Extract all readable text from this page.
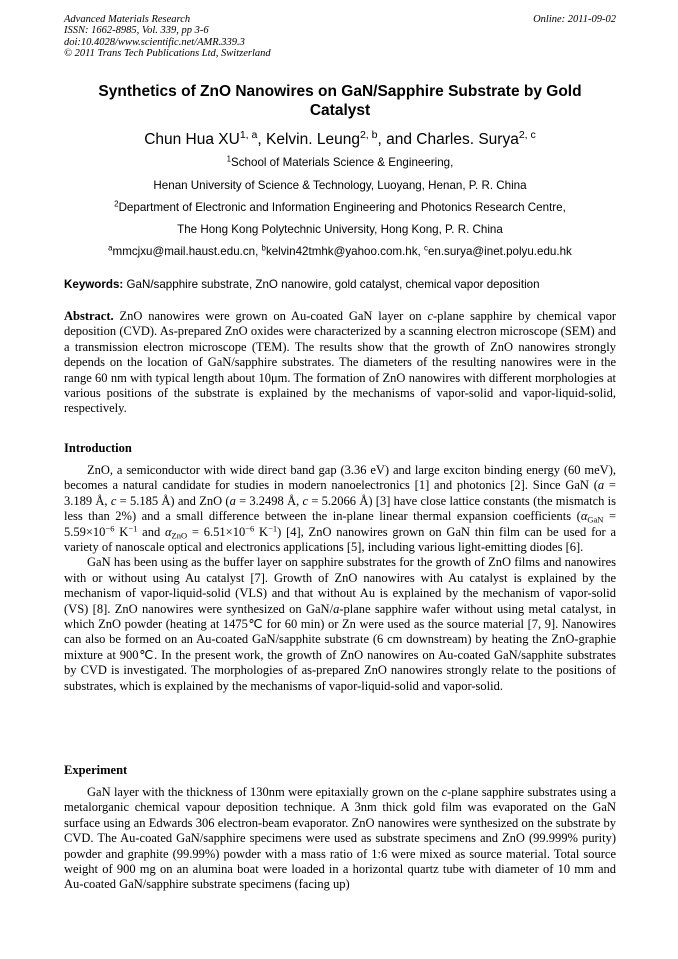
Advanced Materials Research
ISSN: 1662-8985, Vol. 339, pp 3-6
doi:10.4028/www.scientific.net/AMR.339.3
© 2011 Trans Tech Publications Ltd, Switzerland
Online: 2011-09-02
Synthetics of ZnO Nanowires on GaN/Sapphire Substrate by Gold
Catalyst
Chun Hua XU$^{1, a}$, Kelvin. Leung$^{2, b}$, and Charles. Surya$^{2, c}$
$^1$School of Materials Science & Engineering,
Henan University of Science & Technology, Luoyang, Henan, P. R. China
$^2$Department of Electronic and Information Engineering and Photonics Research Centre,
The Hong Kong Polytechnic University, Hong Kong, P. R. China
$^a$mmcjxu@mail.haust.edu.cn, $^b$kelvin42tmhk@yahoo.com.hk, $^c$en.surya@inet.polyu.edu.hk
Keywords: GaN/sapphire substrate, ZnO nanowire, gold catalyst, chemical vapor deposition

Abstract. ZnO nanowires were grown on Au-coated GaN layer on c-plane sapphire by chemical vapor deposition (CVD). As-prepared ZnO oxides were characterized by a scanning electron microscope (SEM) and a transmission electron microscope (TEM). The results show that the growth of ZnO nanowires strongly depends on the location of GaN/sapphire substrates. The diameters of the resulting nanowires were in the range 60 nm with typical length about 10μm. The formation of ZnO nanowires with different morphologies at various positions of the substrate is explained by the mechanisms of vapor-solid and vapor-liquid-solid, respectively.

Introduction

ZnO, a semiconductor with wide direct band gap (3.36 eV) and large exciton binding energy (60 meV), becomes a natural candidate for studies in modern nanoelectronics [1] and photonics [2]. Since GaN (a = 3.189 Å, c = 5.185 Å) and ZnO (a = 3.2498 Å, c = 5.2066 Å) [3] have close lattice constants (the mismatch is less than 2%) and a small difference between the in-plane linear thermal expansion coefficients ($\alpha_{GaN} = 5.59\times 10^{-6}$ $K^{-1}$ and $\alpha_{ZnO} = 6.51\times 10^{-6}$ $K^{-1}$) [4], ZnO nanowires grown on GaN thin film can be used for a variety of nanoscale optical and electronics applications [5], including various light-emitting diodes [6].

GaN has been using as the buffer layer on sapphire substrates for the growth of ZnO films and nanowires with or without using Au catalyst [7]. Growth of ZnO nanowires with Au catalyst is explained by the mechanism of vapor-liquid-solid (VLS) and that without Au is explained by the mechanism of vapor-solid (VS) [8]. ZnO nanowires were synthesized on GaN/a-plane sapphire wafer without using metal catalyst, in which ZnO powder (heating at 1475℃ for 60 min) or Zn were used as the source material [7, 9]. Nanowires can also be formed on an Au-coated GaN/sapphite substrate (6 cm downstream) by heating the ZnO-graphie mixture at 900℃. In the present work, the growth of ZnO nanowires on Au-coated GaN/sapphite substrates by CVD is investigated. The morphologies of as-prepared ZnO nanowires strongly relate to the positions of substrates, which is explained by the mechanisms of vapor-liquid-solid and vapor-solid.

Experiment

GaN layer with the thickness of 130nm were epitaxially grown on the c-plane sapphire substrates using a metalorganic chemical vapour deposition technique. A 3nm thick gold film was evaporated on the GaN surface using an Edwards 306 electron-beam evaporator. ZnO nanowires were synthesized on the substrate by CVD. The Au-coated GaN/sapphire specimens were used as substrate specimens and ZnO (99.999% purity) powder and graphite (99.99%) powder with a mass ratio of 1:6 were mixed as source material. Total source weight of 900 mg on an alumina boat were loaded in a horizontal quartz tube with diameter of 10 mm and Au-coated GaN/sapphire substrate specimens (facing up)
